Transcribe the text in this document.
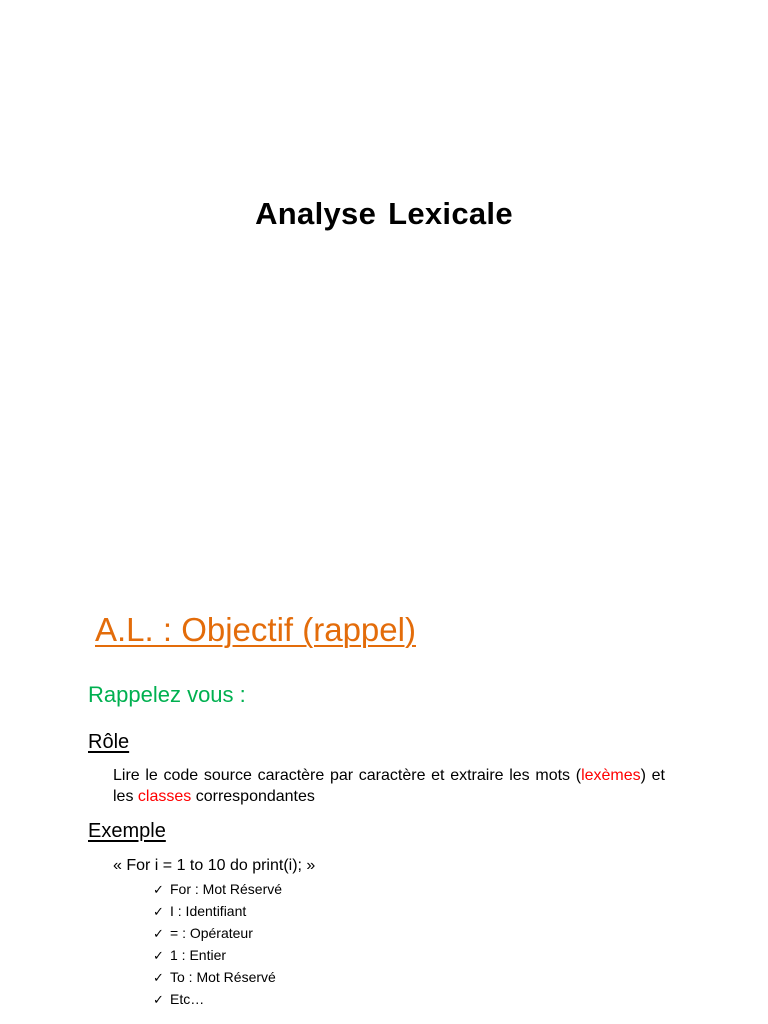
Analyse Lexicale
A.L. : Objectif (rappel)
Rappelez vous :
Rôle
Lire le code source caractère par caractère et extraire les mots (lexèmes) et les classes correspondantes
Exemple
« For i = 1 to 10 do print(i); »
✓ For : Mot Réservé
✓ I : Identifiant
✓ = : Opérateur
✓ 1 : Entier
✓ To : Mot Réservé
✓ Etc…
